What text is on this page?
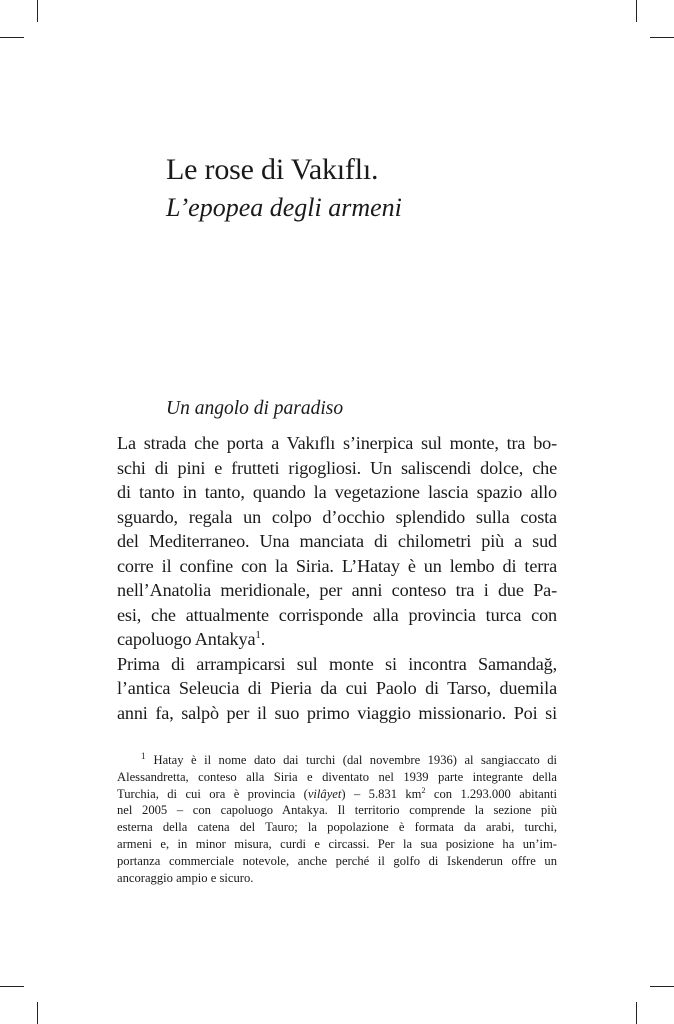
Le rose di Vakıflı.
L’epopea degli armeni
Un angolo di paradiso
La strada che porta a Vakıflı s’inerpica sul monte, tra bo-
schi di pini e frutteti rigogliosi. Un saliscendi dolce, che
di tanto in tanto, quando la vegetazione lascia spazio allo
sguardo, regala un colpo d’occhio splendido sulla costa
del Mediterraneo. Una manciata di chilometri più a sud
corre il confine con la Siria. L’Hatay è un lembo di terra
nell’Anatolia meridionale, per anni conteso tra i due Pa-
esi, che attualmente corrisponde alla provincia turca con
capoluogo Antakya$^1$.
Prima di arrampicarsi sul monte si incontra Samandağ,
l’antica Seleucia di Pieria da cui Paolo di Tarso, duemila
anni fa, salpò per il suo primo viaggio missionario. Poi si
$^1$ Hatay è il nome dato dai turchi (dal novembre 1936) al sangiaccato di
Alessandretta, conteso alla Siria e diventato nel 1939 parte integrante della
Turchia, di cui ora è provincia (vilâyet) – 5.831 $km^2$ con 1.293.000 abitanti
nel 2005 – con capoluogo Antakya. Il territorio comprende la sezione più
esterna della catena del Tauro; la popolazione è formata da arabi, turchi,
armeni e, in minor misura, curdi e circassi. Per la sua posizione ha un’im-
portanza commerciale notevole, anche perché il golfo di Iskenderun offre un
ancoraggio ampio e sicuro.
